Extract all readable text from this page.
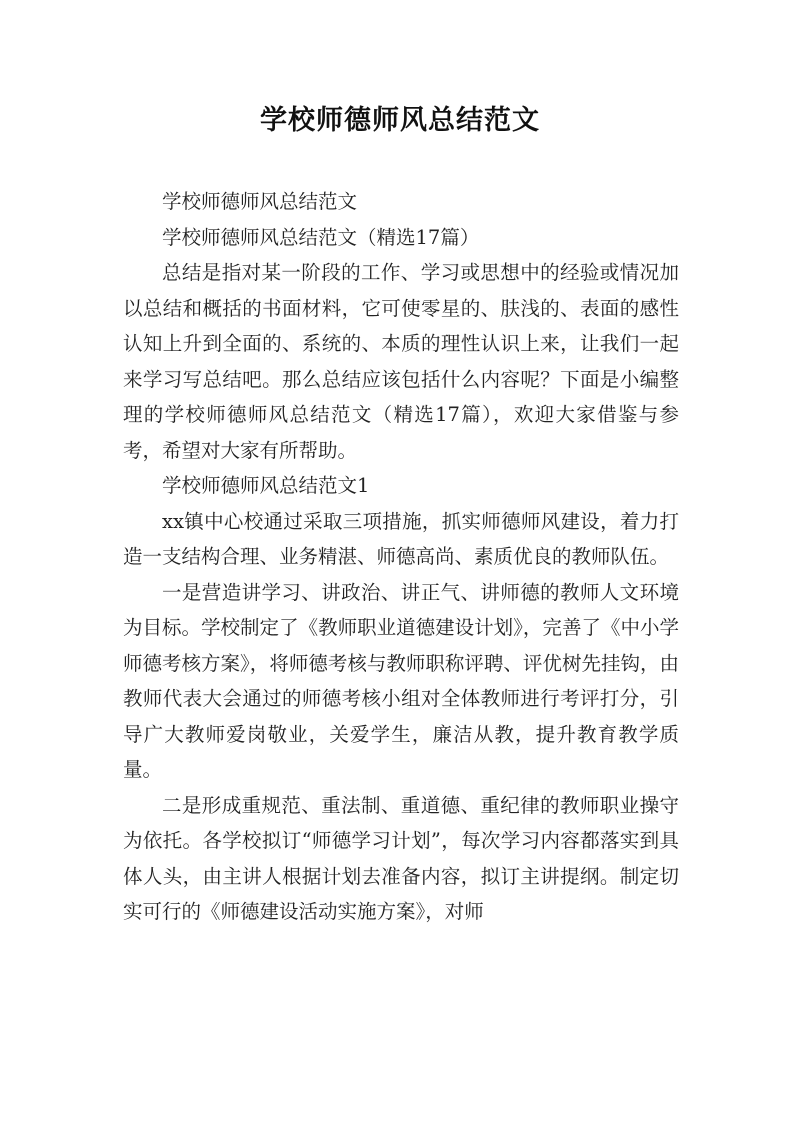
学校师德师风总结范文

学校师德师风总结范文

学校师德师风总结范文（精选17篇）

总结是指对某一阶段的工作、学习或思想中的经验或情况加以总结和概括的书面材料，它可使零星的、肤浅的、表面的感性认知上升到全面的、系统的、本质的理性认识上来，让我们一起来学习写总结吧。那么总结应该包括什么内容呢？下面是小编整理的学校师德师风总结范文（精选17篇），欢迎大家借鉴与参考，希望对大家有所帮助。

学校师德师风总结范文1

xx镇中心校通过采取三项措施，抓实师德师风建设，着力打造一支结构合理、业务精湛、师德高尚、素质优良的教师队伍。

一是营造讲学习、讲政治、讲正气、讲师德的教师人文环境为目标。学校制定了《教师职业道德建设计划》，完善了《中小学师德考核方案》，将师德考核与教师职称评聘、评优树先挂钩，由教师代表大会通过的师德考核小组对全体教师进行考评打分，引导广大教师爱岗敬业，关爱学生，廉洁从教，提升教育教学质量。

二是形成重规范、重法制、重道德、重纪律的教师职业操守为依托。各学校拟订“师德学习计划”，每次学习内容都落实到具体人头，由主讲人根据计划去准备内容，拟订主讲提纲。制定切实可行的《师德建设活动实施方案》，对师
